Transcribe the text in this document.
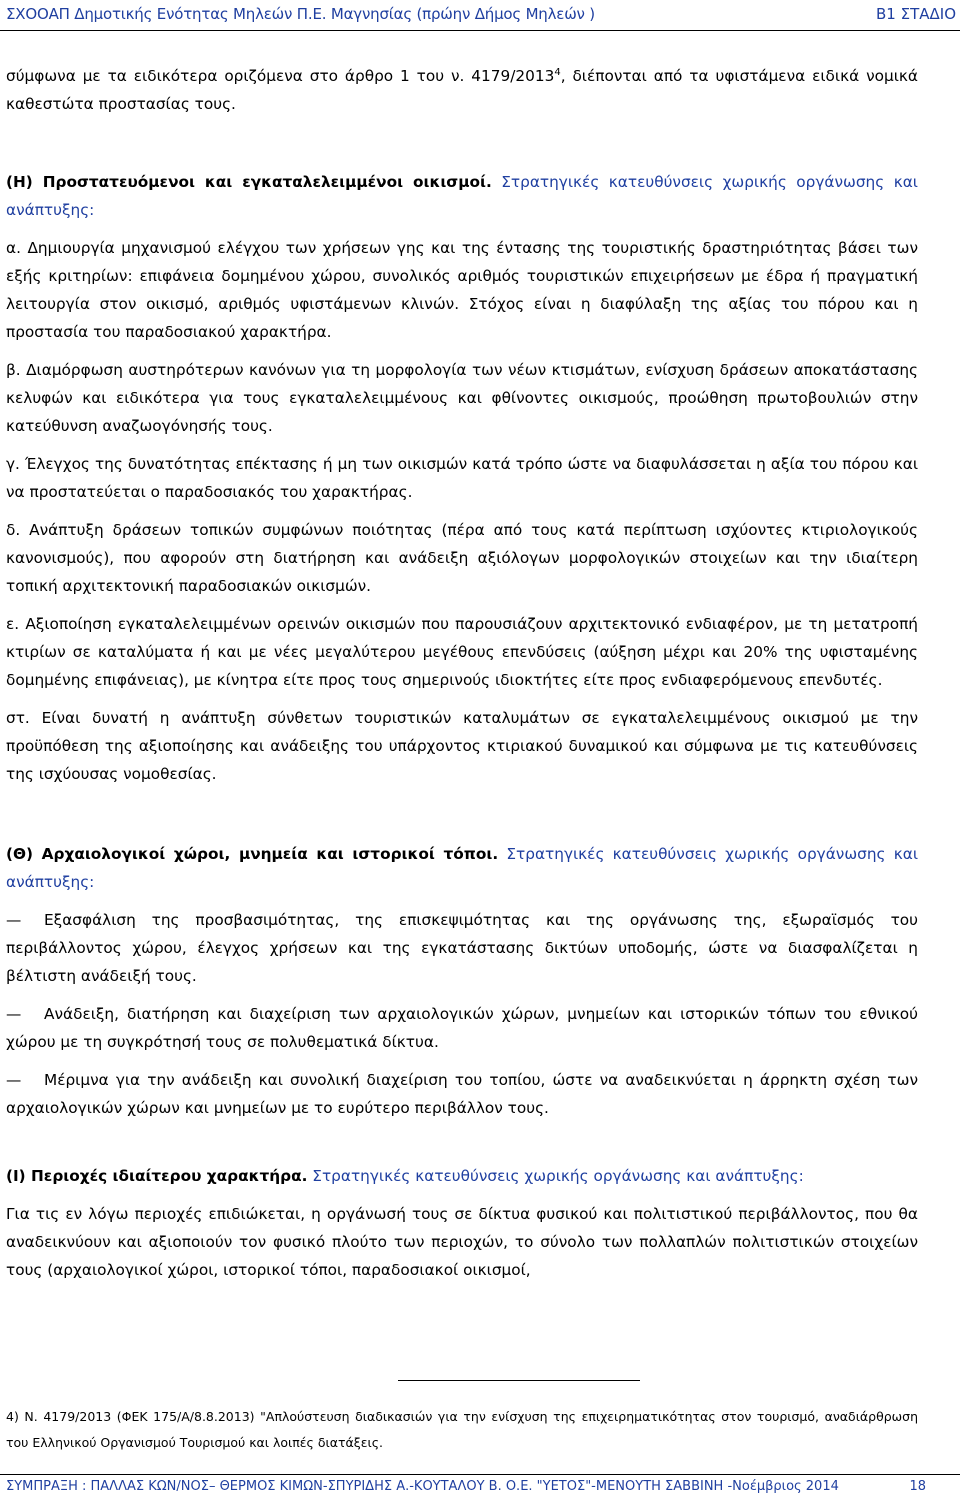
ΣΧΟΟΑΠ Δημοτικής Ενότητας Μηλεών Π.Ε. Μαγνησίας (πρώην Δήμος Μηλεών )	Β1 ΣΤΑΔΙΟ

σύμφωνα με τα ειδικότερα οριζόμενα στο άρθρο 1 του ν. 4179/2013$^4$, διέπονται από τα υφιστάμενα ειδικά νομικά καθεστώτα προστασίας τους.

(Η) Προστατευόμενοι και εγκαταλελειμμένοι οικισμοί. Στρατηγικές κατευθύνσεις χωρικής οργάνωσης και ανάπτυξης:

α. Δημιουργία μηχανισμού ελέγχου των χρήσεων γης και της έντασης της τουριστικής δραστηριότητας βάσει των εξής κριτηρίων: επιφάνεια δομημένου χώρου, συνολικός αριθμός τουριστικών επιχειρήσεων με έδρα ή πραγματική λειτουργία στον οικισμό, αριθμός υφιστάμενων κλινών. Στόχος είναι η διαφύλαξη της αξίας του πόρου και η προστασία του παραδοσιακού χαρακτήρα.

β. Διαμόρφωση αυστηρότερων κανόνων για τη μορφολογία των νέων κτισμάτων, ενίσχυση δράσεων αποκατάστασης κελυφών και ειδικότερα για τους εγκαταλελειμμένους και φθίνοντες οικισμούς, προώθηση πρωτοβουλιών στην κατεύθυνση αναζωογόνησής τους.

γ. Έλεγχος της δυνατότητας επέκτασης ή μη των οικισμών κατά τρόπο ώστε να διαφυλάσσεται η αξία του πόρου και να προστατεύεται ο παραδοσιακός του χαρακτήρας.

δ. Ανάπτυξη δράσεων τοπικών συμφώνων ποιότητας (πέρα από τους κατά περίπτωση ισχύοντες κτιριολογικούς κανονισμούς), που αφορούν στη διατήρηση και ανάδειξη αξιόλογων μορφολογικών στοιχείων και την ιδιαίτερη τοπική αρχιτεκτονική παραδοσιακών οικισμών.

ε. Αξιοποίηση εγκαταλελειμμένων ορεινών οικισμών που παρουσιάζουν αρχιτεκτονικό ενδιαφέρον, με τη μετατροπή κτιρίων σε καταλύματα ή και με νέες μεγαλύτερου μεγέθους επενδύσεις (αύξηση μέχρι και 20% της υφισταμένης δομημένης επιφάνειας), με κίνητρα είτε προς τους σημερινούς ιδιοκτήτες είτε προς ενδιαφερόμενους επενδυτές.

στ. Είναι δυνατή η ανάπτυξη σύνθετων τουριστικών καταλυμάτων σε εγκαταλελειμμένους οικισμού με την προϋπόθεση της αξιοποίησης και ανάδειξης του υπάρχοντος κτιριακού δυναμικού και σύμφωνα με τις κατευθύνσεις της ισχύουσας νομοθεσίας.

(Θ) Αρχαιολογικοί χώροι, μνημεία και ιστορικοί τόποι. Στρατηγικές κατευθύνσεις χωρικής οργάνωσης και ανάπτυξης:

— Εξασφάλιση της προσβασιμότητας, της επισκεψιμότητας και της οργάνωσης της, εξωραϊσμός του περιβάλλοντος χώρου, έλεγχος χρήσεων και της εγκατάστασης δικτύων υποδομής, ώστε να διασφαλίζεται η βέλτιστη ανάδειξή τους.

— Ανάδειξη, διατήρηση και διαχείριση των αρχαιολογικών χώρων, μνημείων και ιστορικών τόπων του εθνικού χώρου με τη συγκρότησή τους σε πολυθεματικά δίκτυα.

— Μέριμνα για την ανάδειξη και συνολική διαχείριση του τοπίου, ώστε να αναδεικνύεται η άρρηκτη σχέση των αρχαιολογικών χώρων και μνημείων με το ευρύτερο περιβάλλον τους.

(Ι) Περιοχές ιδιαίτερου χαρακτήρα. Στρατηγικές κατευθύνσεις χωρικής οργάνωσης και ανάπτυξης:

Για τις εν λόγω περιοχές επιδιώκεται, η οργάνωσή τους σε δίκτυα φυσικού και πολιτιστικού περιβάλλοντος, που θα αναδεικνύουν και αξιοποιούν τον φυσικό πλούτο των περιοχών, το σύνολο των πολλαπλών πολιτιστικών στοιχείων τους (αρχαιολογικοί χώροι, ιστορικοί τόποι, παραδοσιακοί οικισμοί,

4) Ν. 4179/2013 (ΦΕΚ 175/Α/8.8.2013) "Απλούστευση διαδικασιών για την ενίσχυση της επιχειρηματικότητας στον τουρισμό, αναδιάρθρωση του Ελληνικού Οργανισμού Τουρισμού και λοιπές διατάξεις.
ΣΥΜΠΡΑΞΗ : ΠΑΛΛΑΣ ΚΩΝ/ΝΟΣ– ΘΕΡΜΟΣ ΚΙΜΩΝ-ΣΠΥΡΙΔΗΣ Α.-ΚΟΥΤΑΛΟΥ Β. Ο.Ε. "ΥΕΤΟΣ"-ΜΕΝΟΥΤΗ ΣΑΒΒΙΝΗ -Νοέμβριος 2014	18
